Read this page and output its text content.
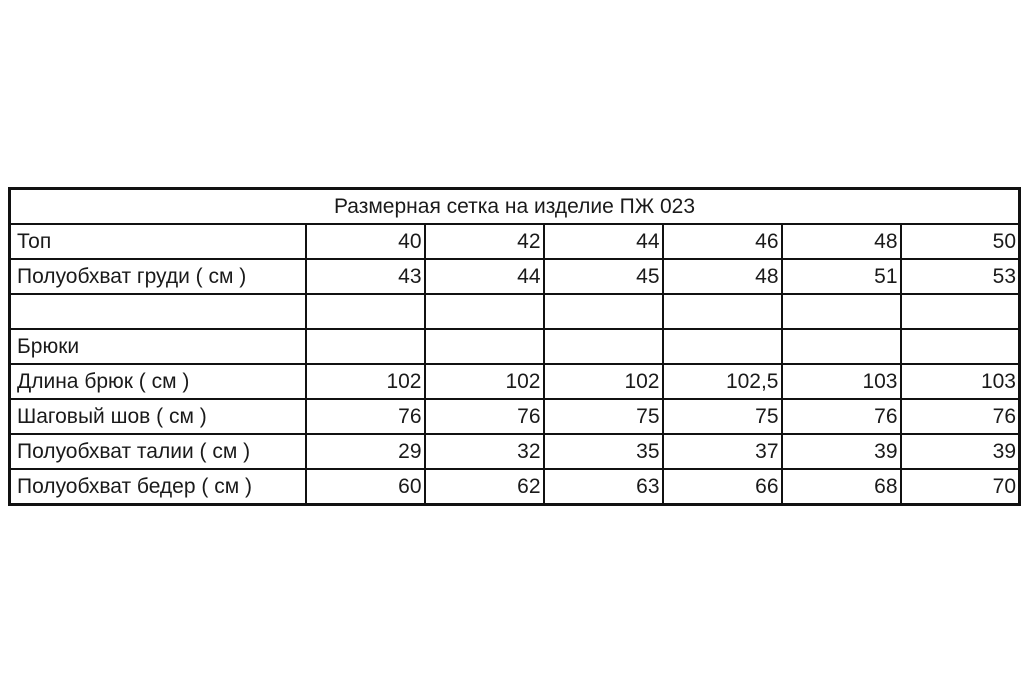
Размерная сетка на изделие ПЖ 023						
Топ	40	42	44	46	48	50
Полуобхват груди ( см )	43	44	45	48	51	53

Брюки						
Длина брюк ( см )	102	102	102	102,5	103	103
Шаговый шов ( см )	76	76	75	75	76	76
Полуобхват талии ( см )	29	32	35	37	39	39
Полуобхват бедер ( см )	60	62	63	66	68	70
